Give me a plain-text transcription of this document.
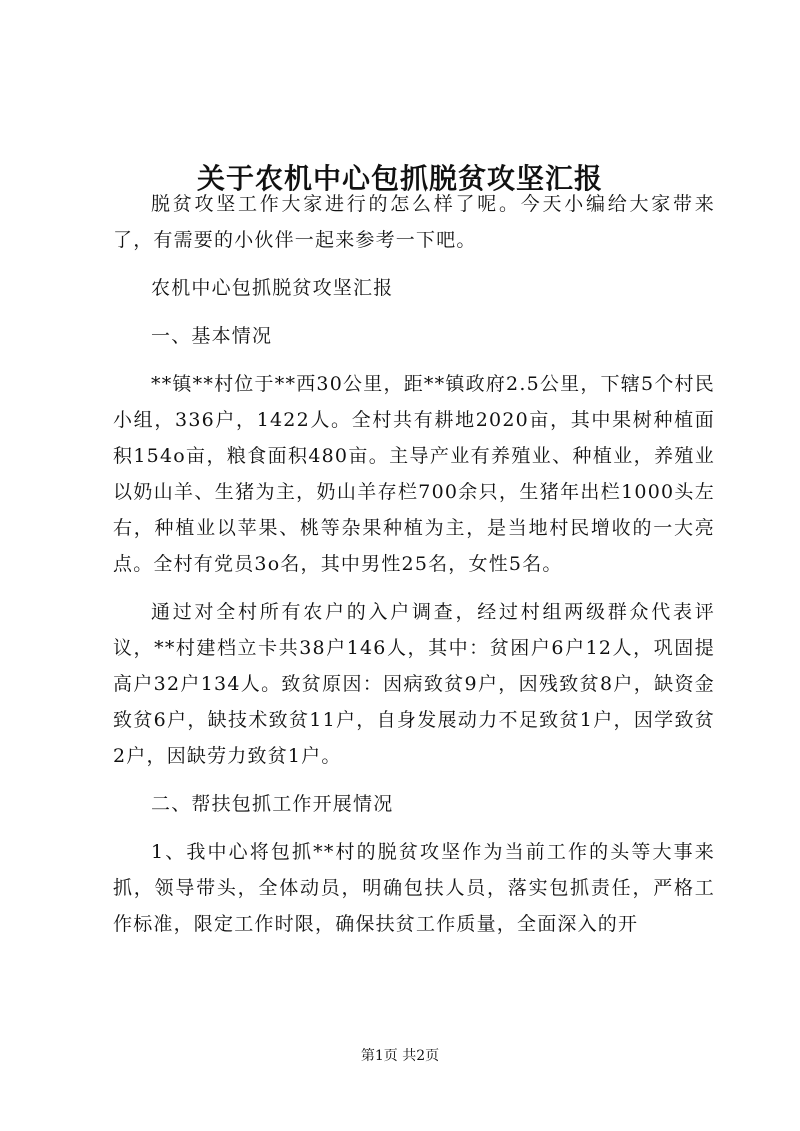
关于农机中心包抓脱贫攻坚汇报

脱贫攻坚工作大家进行的怎么样了呢。今天小编给大家带来了，有需要的小伙伴一起来参考一下吧。

农机中心包抓脱贫攻坚汇报

一、基本情况

**镇**村位于**西30公里，距**镇政府2.5公里，下辖5个村民小组，336户，1422人。全村共有耕地2020亩，其中果树种植面积154o亩，粮食面积480亩。主导产业有养殖业、种植业，养殖业以奶山羊、生猪为主，奶山羊存栏700余只，生猪年出栏1000头左右，种植业以苹果、桃等杂果种植为主，是当地村民增收的一大亮点。全村有党员3o名，其中男性25名，女性5名。

通过对全村所有农户的入户调查，经过村组两级群众代表评议，**村建档立卡共38户146人，其中：贫困户6户12人，巩固提高户32户134人。致贫原因：因病致贫9户，因残致贫8户，缺资金致贫6户，缺技术致贫11户，自身发展动力不足致贫1户，因学致贫2户，因缺劳力致贫1户。

二、帮扶包抓工作开展情况

1、我中心将包抓**村的脱贫攻坚作为当前工作的头等大事来抓，领导带头，全体动员，明确包扶人员，落实包抓责任，严格工作标准，限定工作时限，确保扶贫工作质量，全面深入的开

第1页 共2页
